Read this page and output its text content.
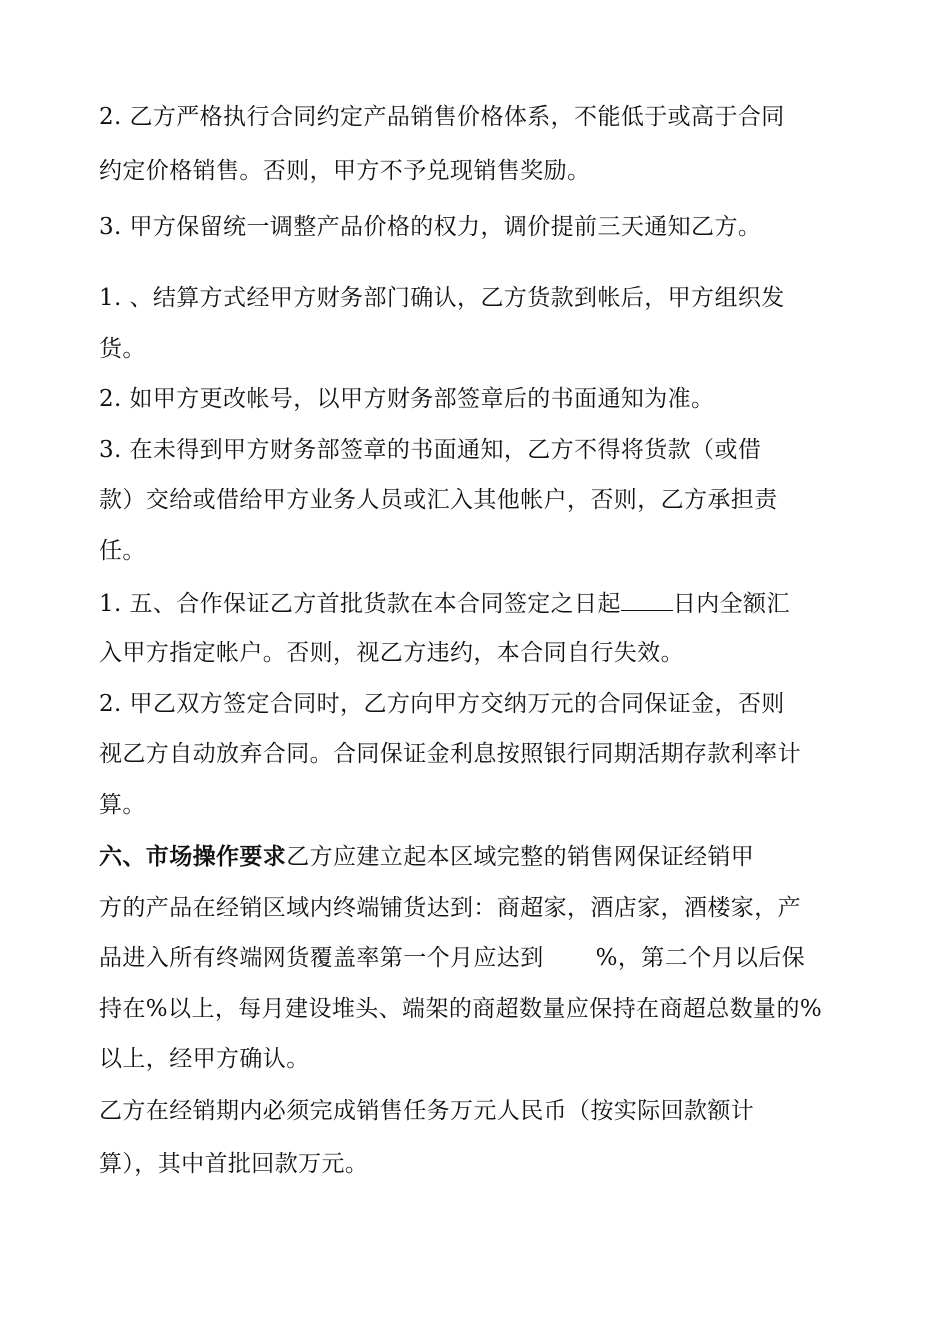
2. 乙方严格执行合同约定产品销售价格体系，不能低于或高于合同
约定价格销售。否则，甲方不予兑现销售奖励。
3. 甲方保留统一调整产品价格的权力，调价提前三天通知乙方。
1. 、结算方式经甲方财务部门确认，乙方货款到帐后，甲方组织发
货。
2. 如甲方更改帐号，以甲方财务部签章后的书面通知为准。
3. 在未得到甲方财务部签章的书面通知，乙方不得将货款（或借
款）交给或借给甲方业务人员或汇入其他帐户，否则，乙方承担责
任。
1. 五、合作保证乙方首批货款在本合同签定之日起 日内全额汇
入甲方指定帐户。否则，视乙方违约，本合同自行失效。
2. 甲乙双方签定合同时，乙方向甲方交纳万元的合同保证金，否则
视乙方自动放弃合同。合同保证金利息按照银行同期活期存款利率计
算。
六、市场操作要求乙方应建立起本区域完整的销售网保证经销甲
方的产品在经销区域内终端铺货达到：商超家，酒店家，酒楼家，产
品进入所有终端网货覆盖率第一个月应达到 %，第二个月以后保
持在%以上，每月建设堆头、端架的商超数量应保持在商超总数量的%
以上，经甲方确认。
乙方在经销期内必须完成销售任务万元人民币（按实际回款额计
算），其中首批回款万元。
